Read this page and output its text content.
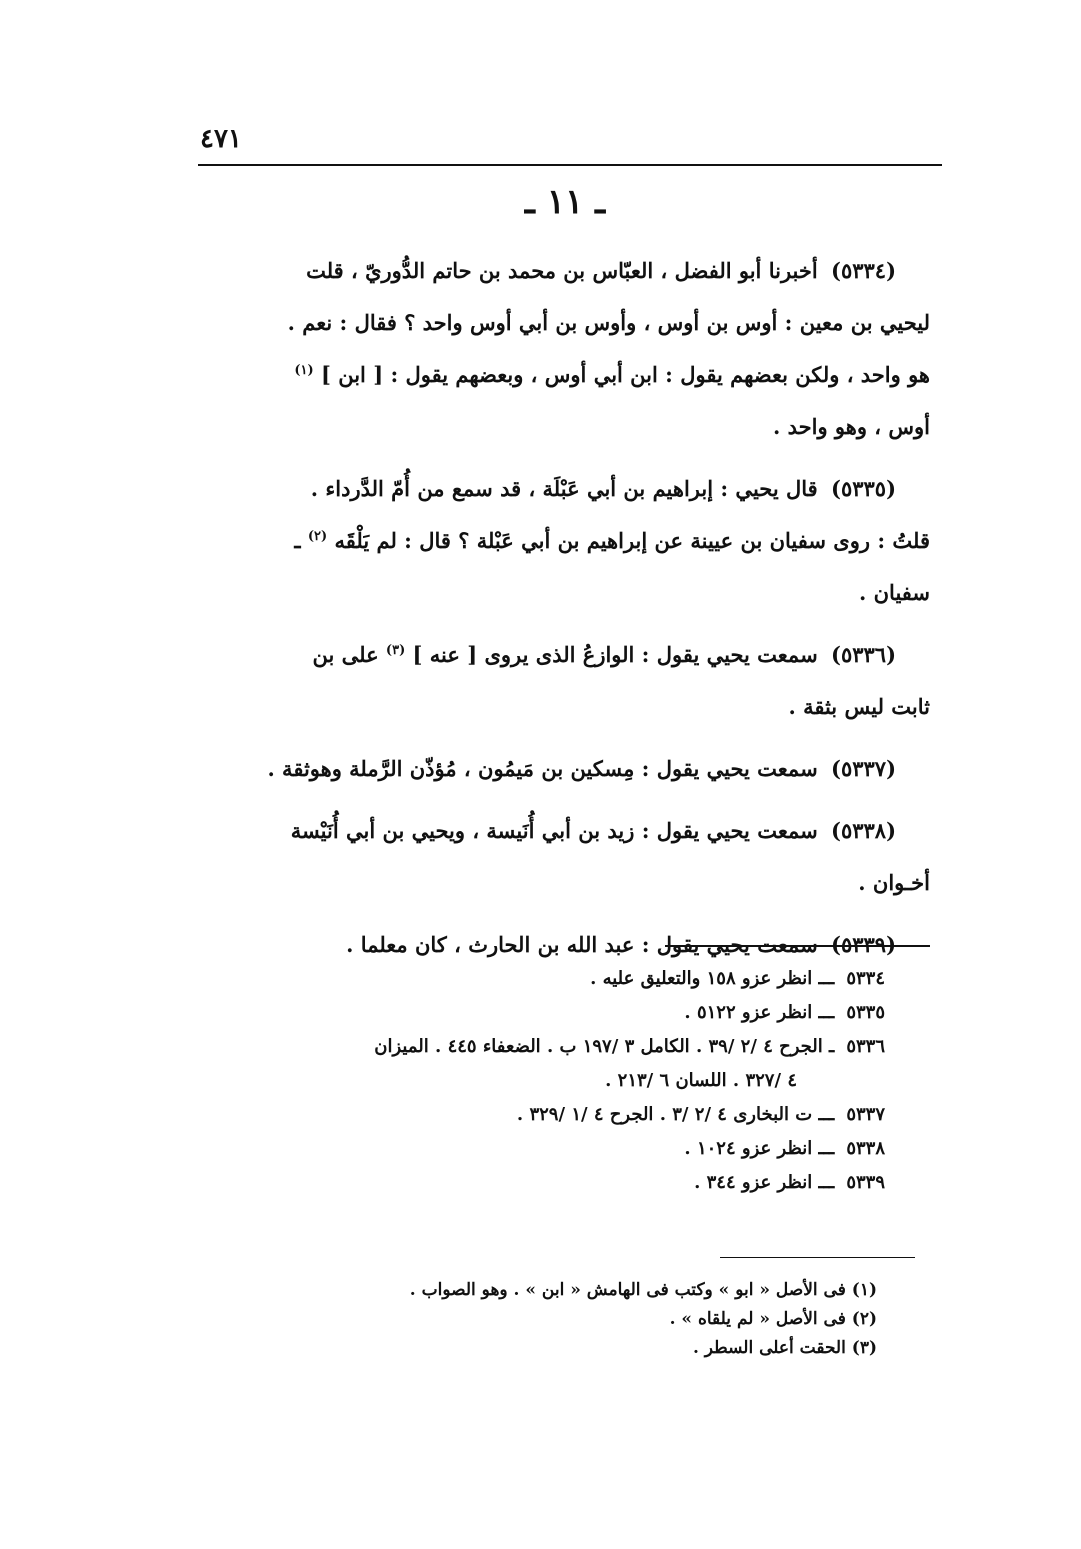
٤٧١
ـ ١١ ـ
(٥٣٣٤) أخبرنا أبو الفضل ، العبّاس بن محمد بن حاتم الدُّوريّ ، قلت
ليحيي بن معين : أوس بن أوس ، وأوس بن أبي أوس واحد ؟ فقال : نعم .
هو واحد ، ولكن بعضهم يقول : ابن أبي أوس ، وبعضهم يقول : [ ابن ] $^{(١)}$
أوس ، وهو واحد .
(٥٣٣٥) قال يحيي : إبراهيم بن أبي عَبْلَة ، قد سمع من أُمّ الدَّرداء .
قلتُ : روى سفيان بن عيينة عن إبراهيم بن أبي عَبْلة ؟ قال : لم يَلْقَه $^{(٢)}$ ـ
سفيان .
(٥٣٣٦) سمعت يحيي يقول : الوازعُ الذى يروى [ عنه ] $^{(٣)}$ على بن
ثابت ليس بثقة .
(٥٣٣٧) سمعت يحيي يقول : مِسكين بن مَيمُون ، مُؤذّن الرَّملة وهوثقة .
(٥٣٣٨) سمعت يحيي يقول : زيد بن أبي أُنَيسة ، ويحيي بن أبي أُنَيْسة
أخـوان .
(٥٣٣٩) سمعت يحيي يقول : عبد الله بن الحارث ، كان معلما .
٥٣٣٤ـــ انظر عزو ١٥٨ والتعليق عليه .
٥٣٣٥ـــ انظر عزو ٥١٢٢ .
٥٣٣٦ـ الجرح ٤ /٢ /٣٩ . الكامل ٣ /١٩٧ ب . الضعفاء ٤٤٥ . الميزان
٤ /٣٢٧ . اللسان ٦ /٢١٣ .
٥٣٣٧ـــ ت البخارى ٤ /٢ /٣ . الجرح ٤ /١ /٣٢٩ .
٥٣٣٨ـــ انظر عزو ١٠٢٤ .
٥٣٣٩ـــ انظر عزو ٣٤٤ .
(١) فى الأصل « ابو » وكتب فى الهامش « ابن » . وهو الصواب .
(٢) فى الأصل « لم يلقاه » .
(٣) الحقت أعلى السطر .
